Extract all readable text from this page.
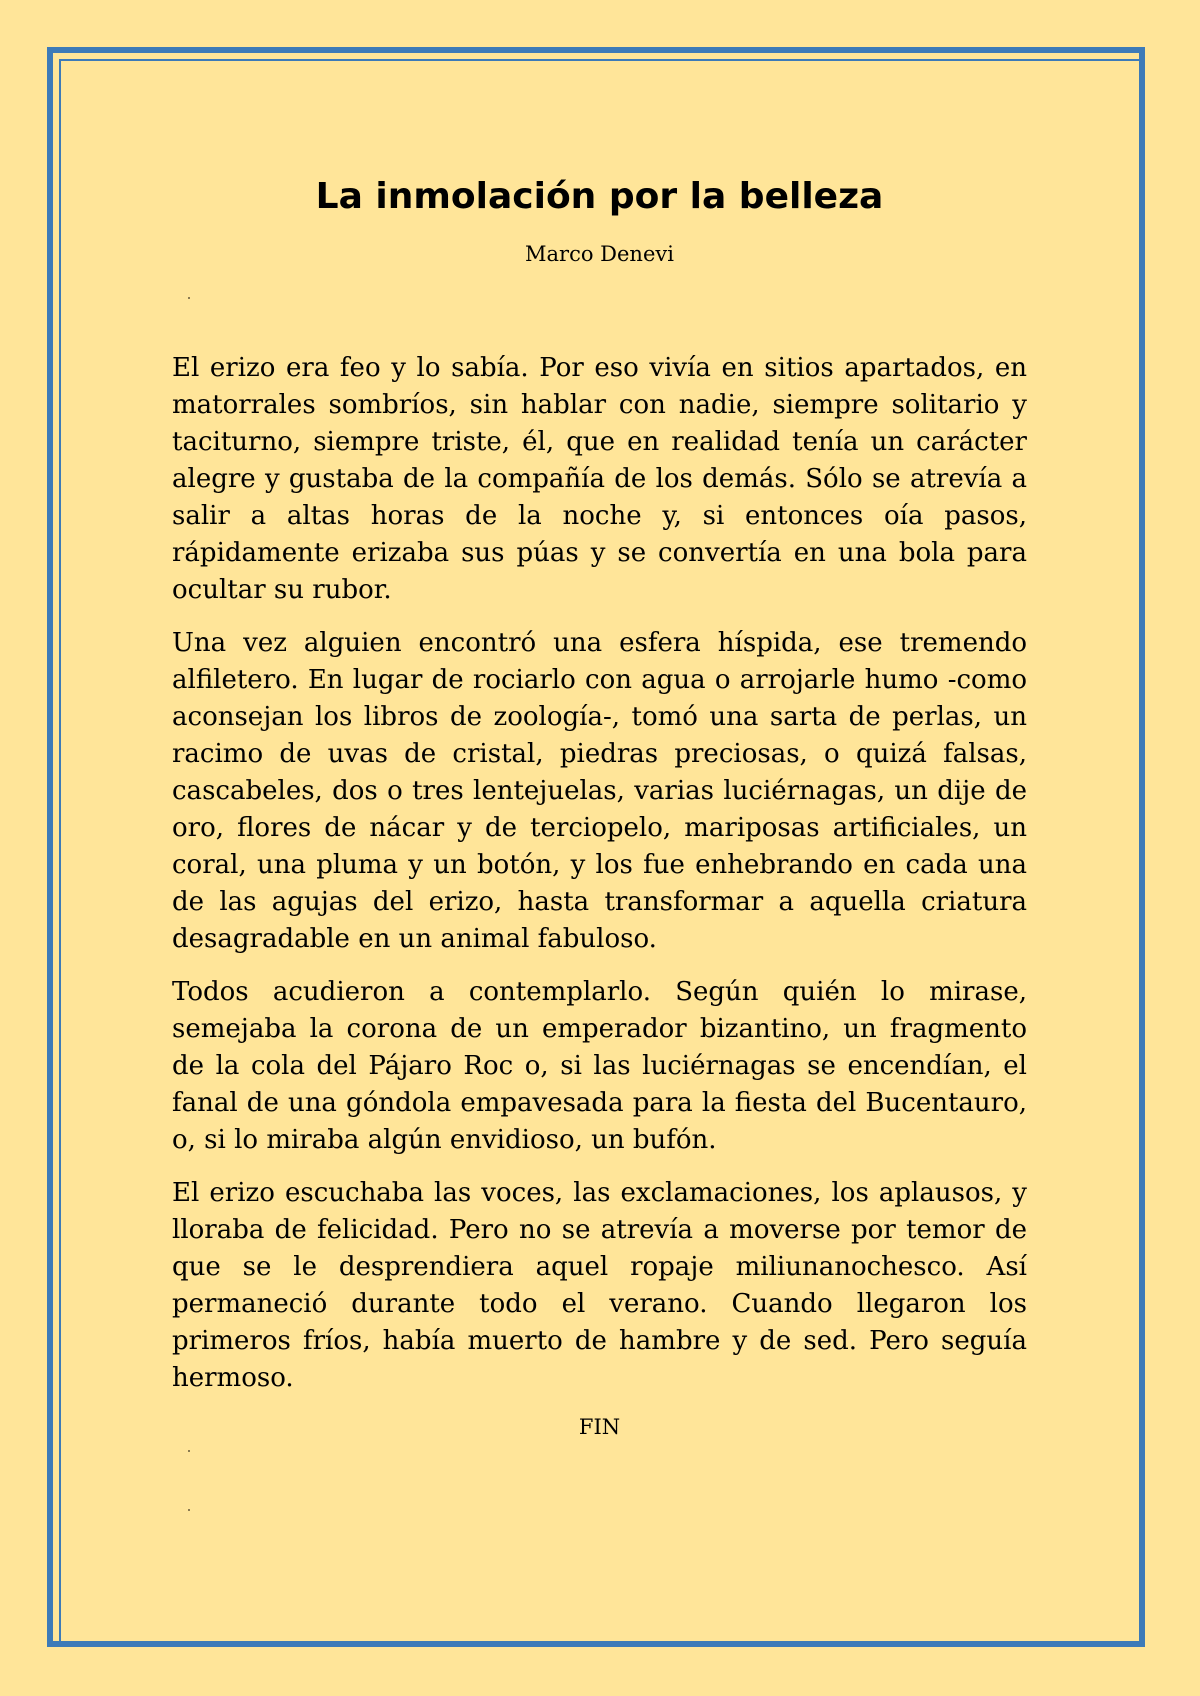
La inmolación por la belleza
Marco Denevi

El erizo era feo y lo sabía. Por eso vivía en sitios apartados, en matorrales sombríos, sin hablar con nadie, siempre solitario y taciturno, siempre triste, él, que en realidad tenía un carácter alegre y gustaba de la compañía de los demás. Sólo se atrevía a salir a altas horas de la noche y, si entonces oía pasos, rápidamente erizaba sus púas y se convertía en una bola para ocultar su rubor.

Una vez alguien encontró una esfera híspida, ese tremendo alfiletero. En lugar de rociarlo con agua o arrojarle humo -como aconsejan los libros de zoología-, tomó una sarta de perlas, un racimo de uvas de cristal, piedras preciosas, o quizá falsas, cascabeles, dos o tres lentejuelas, varias luciérnagas, un dije de oro, flores de nácar y de terciopelo, mariposas artificiales, un coral, una pluma y un botón, y los fue enhebrando en cada una de las agujas del erizo, hasta transformar a aquella criatura desagradable en un animal fabuloso.

Todos acudieron a contemplarlo. Según quién lo mirase, semejaba la corona de un emperador bizantino, un fragmento de la cola del Pájaro Roc o, si las luciérnagas se encendían, el fanal de una góndola empavesada para la fiesta del Bucentauro, o, si lo miraba algún envidioso, un bufón.

El erizo escuchaba las voces, las exclamaciones, los aplausos, y lloraba de felicidad. Pero no se atrevía a moverse por temor de que se le desprendiera aquel ropaje miliunanochesco. Así permaneció durante todo el verano. Cuando llegaron los primeros fríos, había muerto de hambre y de sed. Pero seguía hermoso.

FIN
